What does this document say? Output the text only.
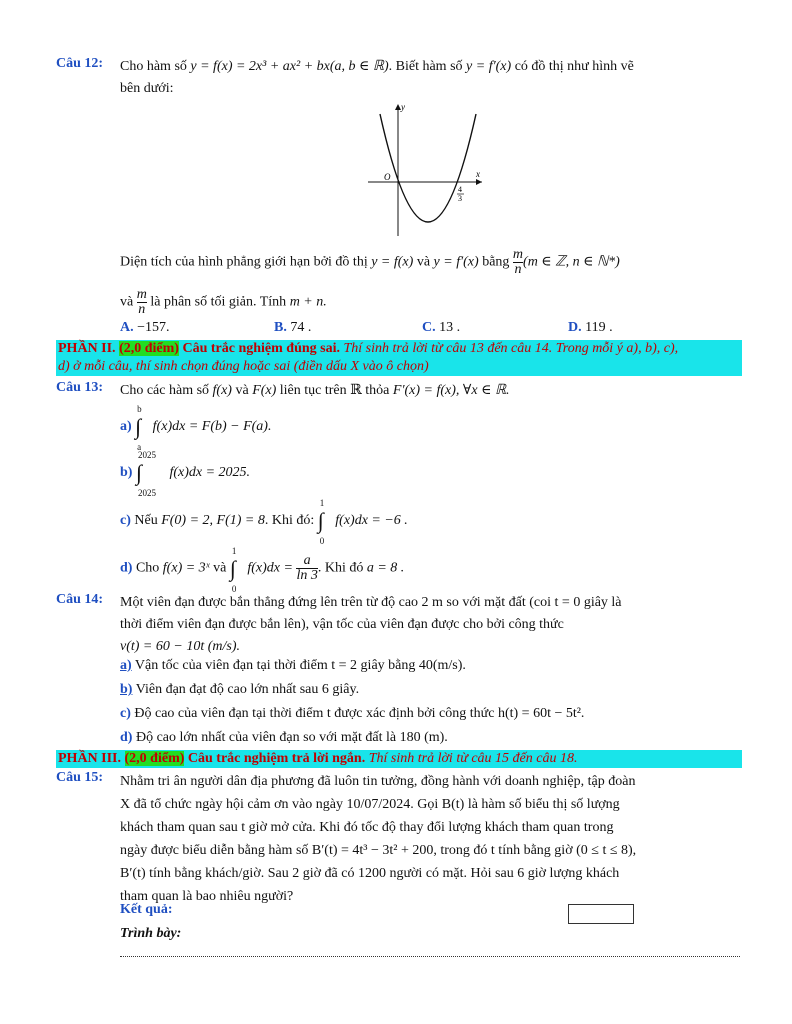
Câu 12: Cho hàm số y = f(x) = 2x³ + ax² + bx(a, b ∈ ℝ). Biết hàm số y = f′(x) có đồ thị như hình vẽ
bên dưới:
y
x
O
4
3
Diện tích của hình phẳng giới hạn bởi đồ thị y = f(x) và y = f′(x) bằng $\frac{m}{n} (m$ ∈ ℤ, n ∈ ℕ*)
và $\frac{m}{n}$ là phân số tối giản. Tính m + n.
A. −157.	B. 74 .	C. 13 .	D. 119 .
PHẦN II. (2,0 điểm) Câu trắc nghiệm đúng sai. Thí sinh trả lời từ câu 13 đến câu 14. Trong mỗi ý a), b), c),
d) ở mỗi câu, thí sinh chọn đúng hoặc sai (điền dấu X vào ô chọn)
Câu 13: Cho các hàm số f(x) và F(x) liên tục trên ℝ thỏa F′(x) = f(x), ∀x ∈ ℝ.
a) ∫
b
a
f(x)dx = F(b) − F(a).
b) ∫
2025
2025
f(x)dx = 2025.
c) Nếu F(0) = 2, F(1) = 8. Khi đó: ∫
1
0
f(x)dx = −6 .
d) Cho f(x) = 3ˣ và ∫
1
0
$f(x)dx = \frac{a}{\ln 3}$ . Khi đó a = 8 .
Câu 14: Một viên đạn được bắn thẳng đứng lên trên từ độ cao 2 m so với mặt đất (coi t = 0 giây là
thời điểm viên đạn được bắn lên), vận tốc của viên đạn được cho bởi công thức
v(t) = 60 − 10t (m/s).
a) Vận tốc của viên đạn tại thời điểm t = 2 giây bằng 40(m/s).
b) Viên đạn đạt độ cao lớn nhất sau 6 giây.
c) Độ cao của viên đạn tại thời điểm t được xác định bởi công thức h(t) = 60t − 5t².
d) Độ cao lớn nhất của viên đạn so với mặt đất là 180 (m).
PHẦN III. (2,0 điểm) Câu trắc nghiệm trả lời ngắn. Thí sinh trả lời từ câu 15 đến câu 18.
Câu 15: Nhằm tri ân người dân địa phương đã luôn tin tưởng, đồng hành với doanh nghiệp, tập đoàn
X đã tổ chức ngày hội cảm ơn vào ngày 10/07/2024. Gọi B(t) là hàm số biểu thị số lượng
khách tham quan sau t giờ mở cửa. Khi đó tốc độ thay đổi lượng khách tham quan trong
ngày được biểu diễn bằng hàm số B′(t) = 4t³ − 3t² + 200, trong đó t tính bằng giờ (0 ≤ t ≤ 8),
B′(t) tính bằng khách/giờ. Sau 2 giờ đã có 1200 người có mặt. Hỏi sau 6 giờ lượng khách
tham quan là bao nhiêu người?
Kết quả:
Trình bày:
